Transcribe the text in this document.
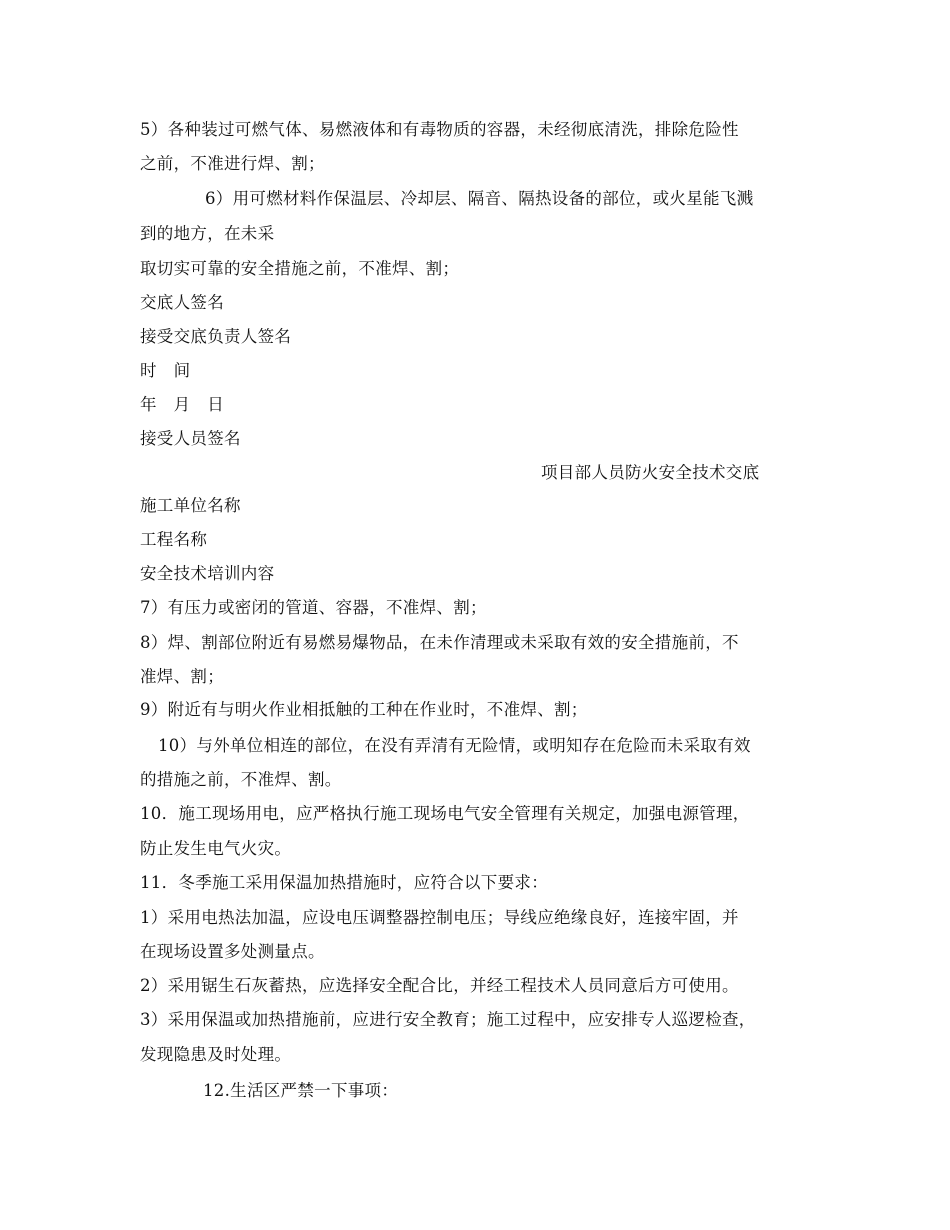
5）各种装过可燃气体、易燃液体和有毒物质的容器，未经彻底清洗，排除危险性
之前，不准进行焊、割；
6）用可燃材料作保温层、冷却层、隔音、隔热设备的部位，或火星能飞溅
到的地方，在未采
取切实可靠的安全措施之前，不准焊、割；
交底人签名
接受交底负责人签名
时　间
年　月　日
接受人员签名
项目部人员防火安全技术交底
施工单位名称
工程名称
安全技术培训内容
7）有压力或密闭的管道、容器，不准焊、割；
8）焊、割部位附近有易燃易爆物品，在未作清理或未采取有效的安全措施前，不
准焊、割；
9）附近有与明火作业相抵触的工种在作业时，不准焊、割；
10）与外单位相连的部位，在没有弄清有无险情，或明知存在危险而未采取有效
的措施之前，不准焊、割。
10．施工现场用电，应严格执行施工现场电气安全管理有关规定，加强电源管理，
防止发生电气火灾。
11．冬季施工采用保温加热措施时，应符合以下要求：
1）采用电热法加温，应设电压调整器控制电压；导线应绝缘良好，连接牢固，并
在现场设置多处测量点。
2）采用锯生石灰蓄热，应选择安全配合比，并经工程技术人员同意后方可使用。
3）采用保温或加热措施前，应进行安全教育；施工过程中，应安排专人巡逻检查，
发现隐患及时处理。
12.生活区严禁一下事项：
